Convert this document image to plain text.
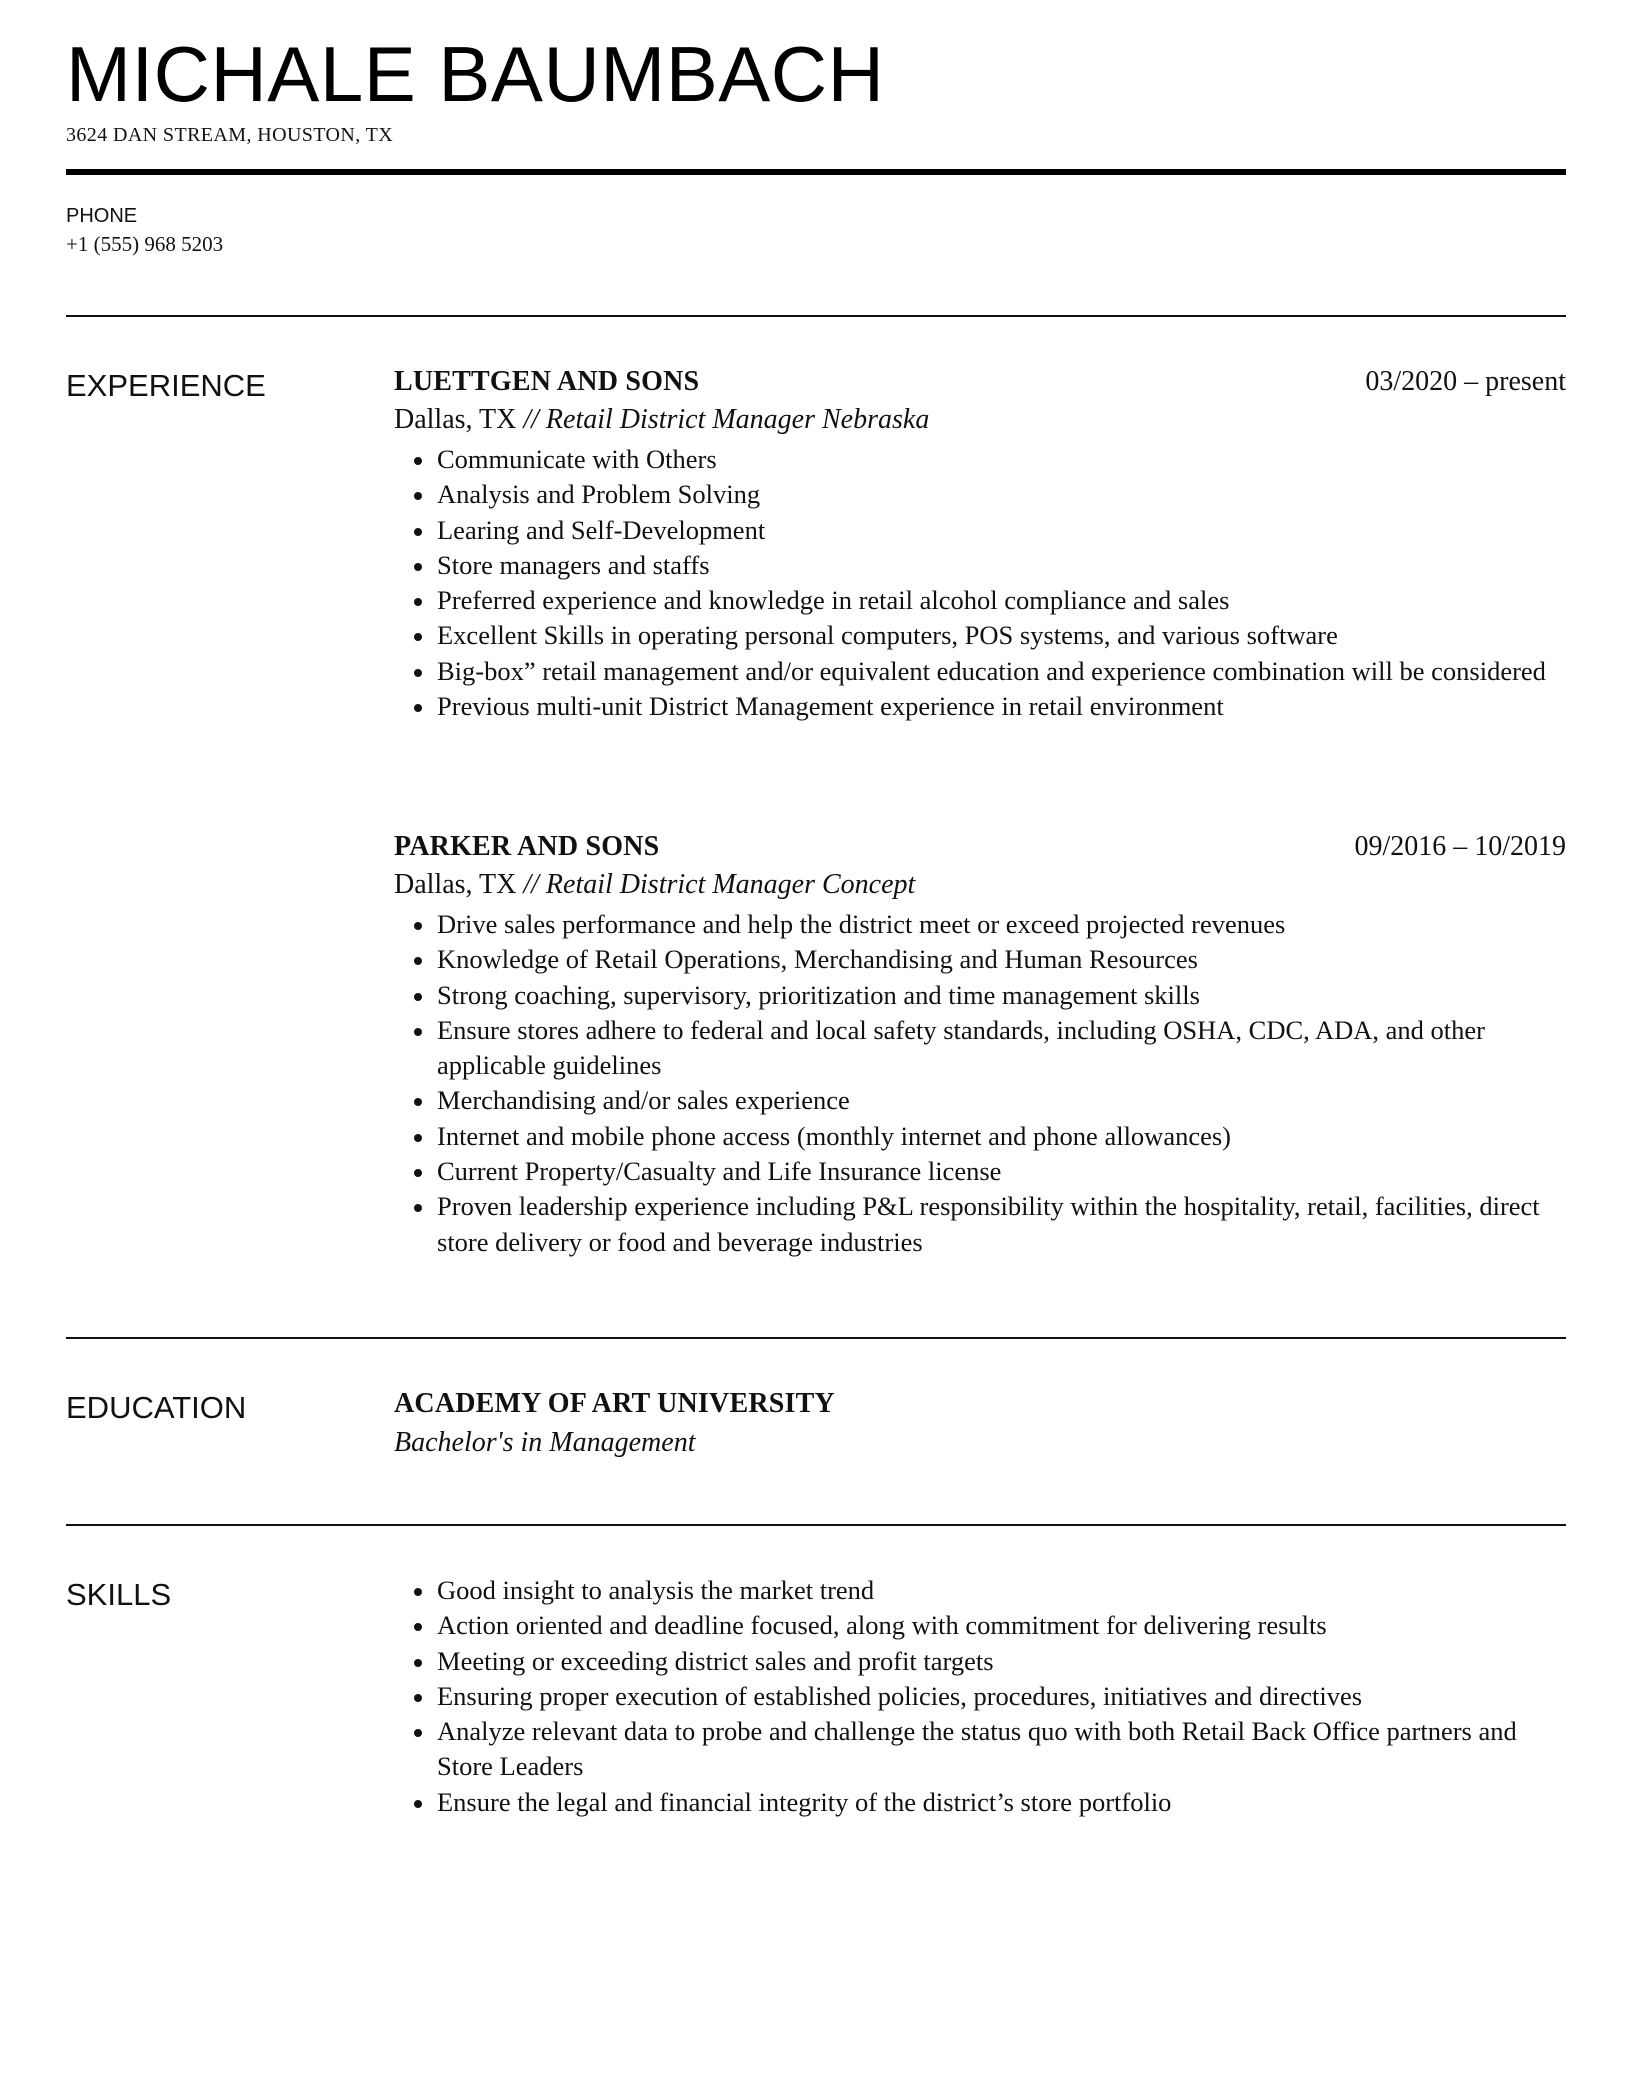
MICHALE BAUMBACH
3624 DAN STREAM, HOUSTON, TX
PHONE
+1 (555) 968 5203
EXPERIENCE	LUETTGEN AND SONS	03/2020 – present
Dallas, TX // Retail District Manager Nebraska
Communicate with Others
Analysis and Problem Solving
Learing and Self-Development
Store managers and staffs
Preferred experience and knowledge in retail alcohol compliance and sales
Excellent Skills in operating personal computers, POS systems, and various software
Big-box” retail management and/or equivalent education and experience combination will be considered
Previous multi-unit District Management experience in retail environment
PARKER AND SONS	09/2016 – 10/2019
Dallas, TX // Retail District Manager Concept
Drive sales performance and help the district meet or exceed projected revenues
Knowledge of Retail Operations, Merchandising and Human Resources
Strong coaching, supervisory, prioritization and time management skills
Ensure stores adhere to federal and local safety standards, including OSHA, CDC, ADA, and other applicable guidelines
Merchandising and/or sales experience
Internet and mobile phone access (monthly internet and phone allowances)
Current Property/Casualty and Life Insurance license
Proven leadership experience including P&L responsibility within the hospitality, retail, facilities, direct store delivery or food and beverage industries
EDUCATION	ACADEMY OF ART UNIVERSITY
Bachelor's in Management
SKILLS	Good insight to analysis the market trend
Action oriented and deadline focused, along with commitment for delivering results
Meeting or exceeding district sales and profit targets
Ensuring proper execution of established policies, procedures, initiatives and directives
Analyze relevant data to probe and challenge the status quo with both Retail Back Office partners and Store Leaders
Ensure the legal and financial integrity of the district’s store portfolio
